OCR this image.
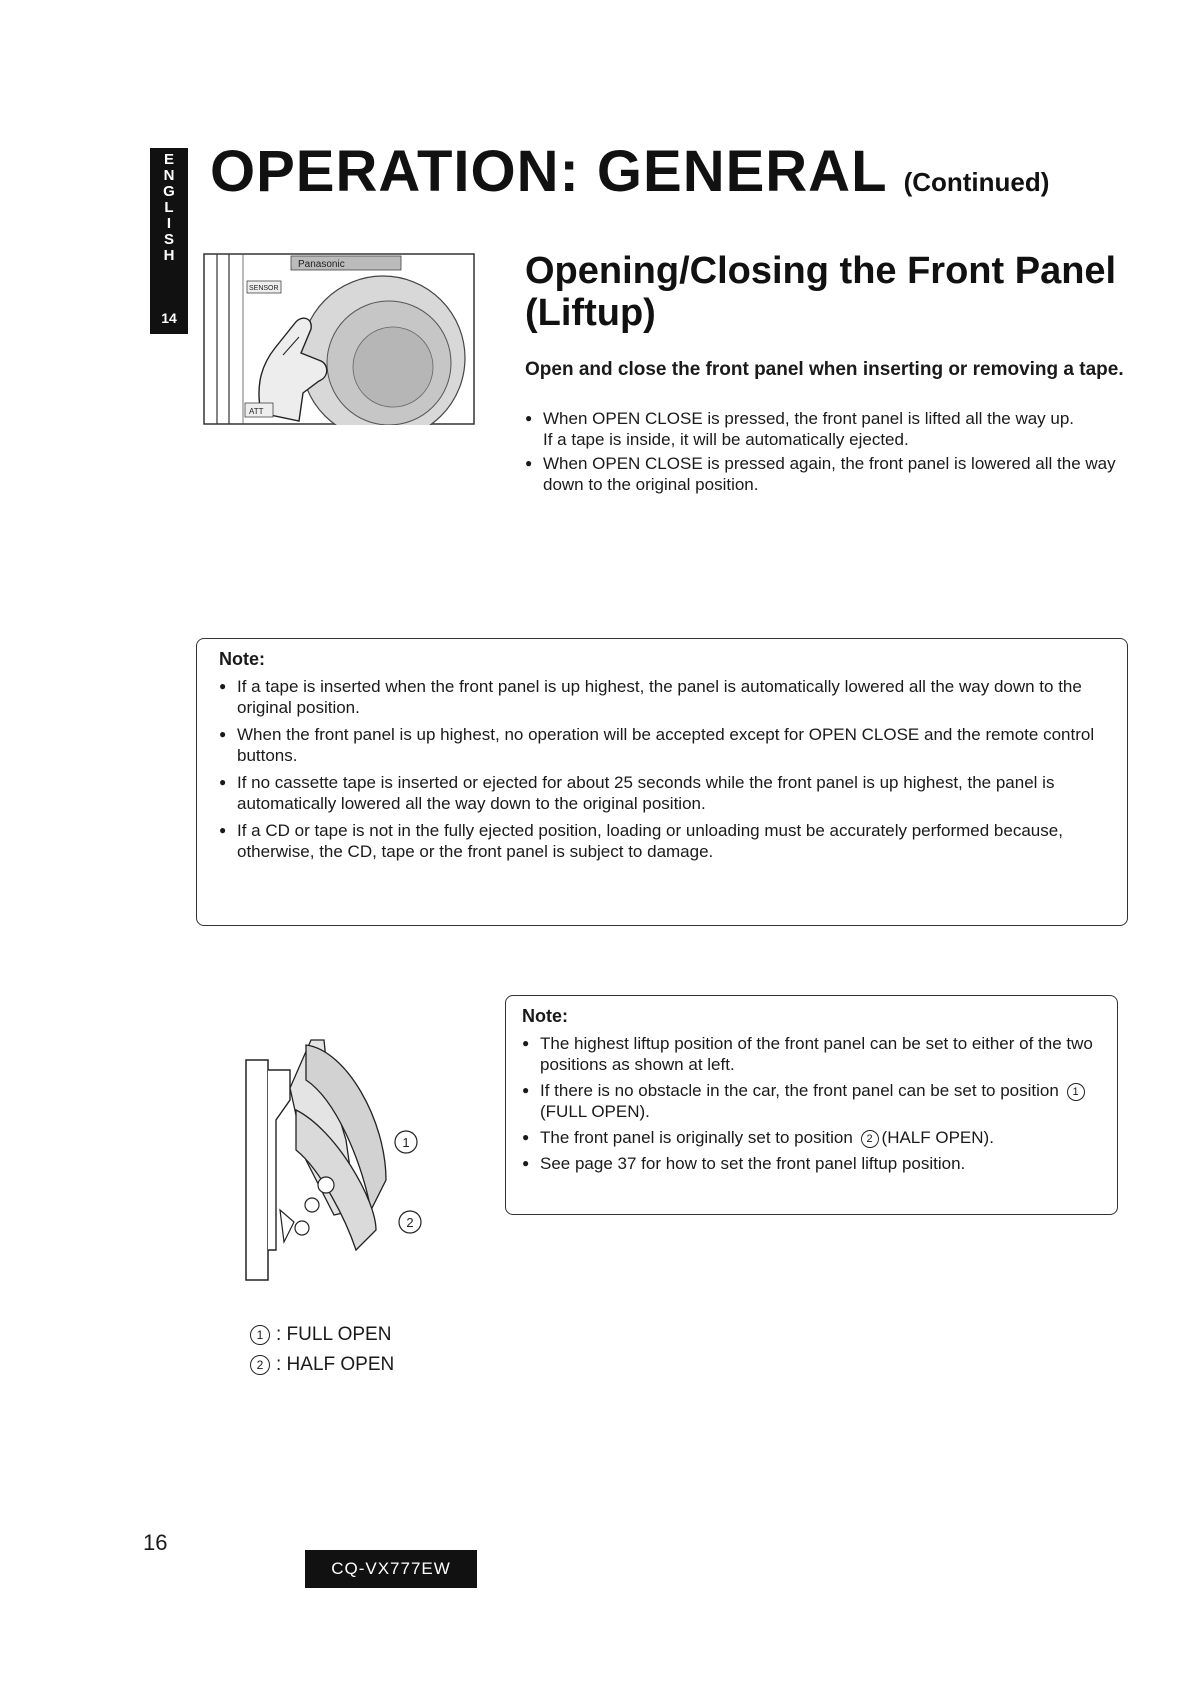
E
N
G
L
I
S
H
14
OPERATION: GENERAL (Continued)
Panasonic
SENSOR
ATT
Opening/Closing the Front Panel
(Liftup)

Open and close the front panel when inserting or removing a tape.

● When OPEN CLOSE is pressed, the front panel is lifted all the way up.
If a tape is inside, it will be automatically ejected.
● When OPEN CLOSE is pressed again, the front panel is lowered all the way down to the original position.
Note:
● If a tape is inserted when the front panel is up highest, the panel is automatically lowered all the way down to the original position.
● When the front panel is up highest, no operation will be accepted except for OPEN CLOSE and the remote control buttons.
● If no cassette tape is inserted or ejected for about 25 seconds while the front panel is up highest, the panel is automatically lowered all the way down to the original position.
● If a CD or tape is not in the fully ejected position, loading or unloading must be accurately performed because, otherwise, the CD, tape or the front panel is subject to damage.
1
2
1 : FULL OPEN
2 : HALF OPEN
Note:
● The highest liftup position of the front panel can be set to either of the two positions as shown at left.
● If there is no obstacle in the car, the front panel can be set to position 1(FULL OPEN).
● The front panel is originally set to position 2 (HALF OPEN).
● See page 37 for how to set the front panel liftup position.
16
CQ-VX777EW
